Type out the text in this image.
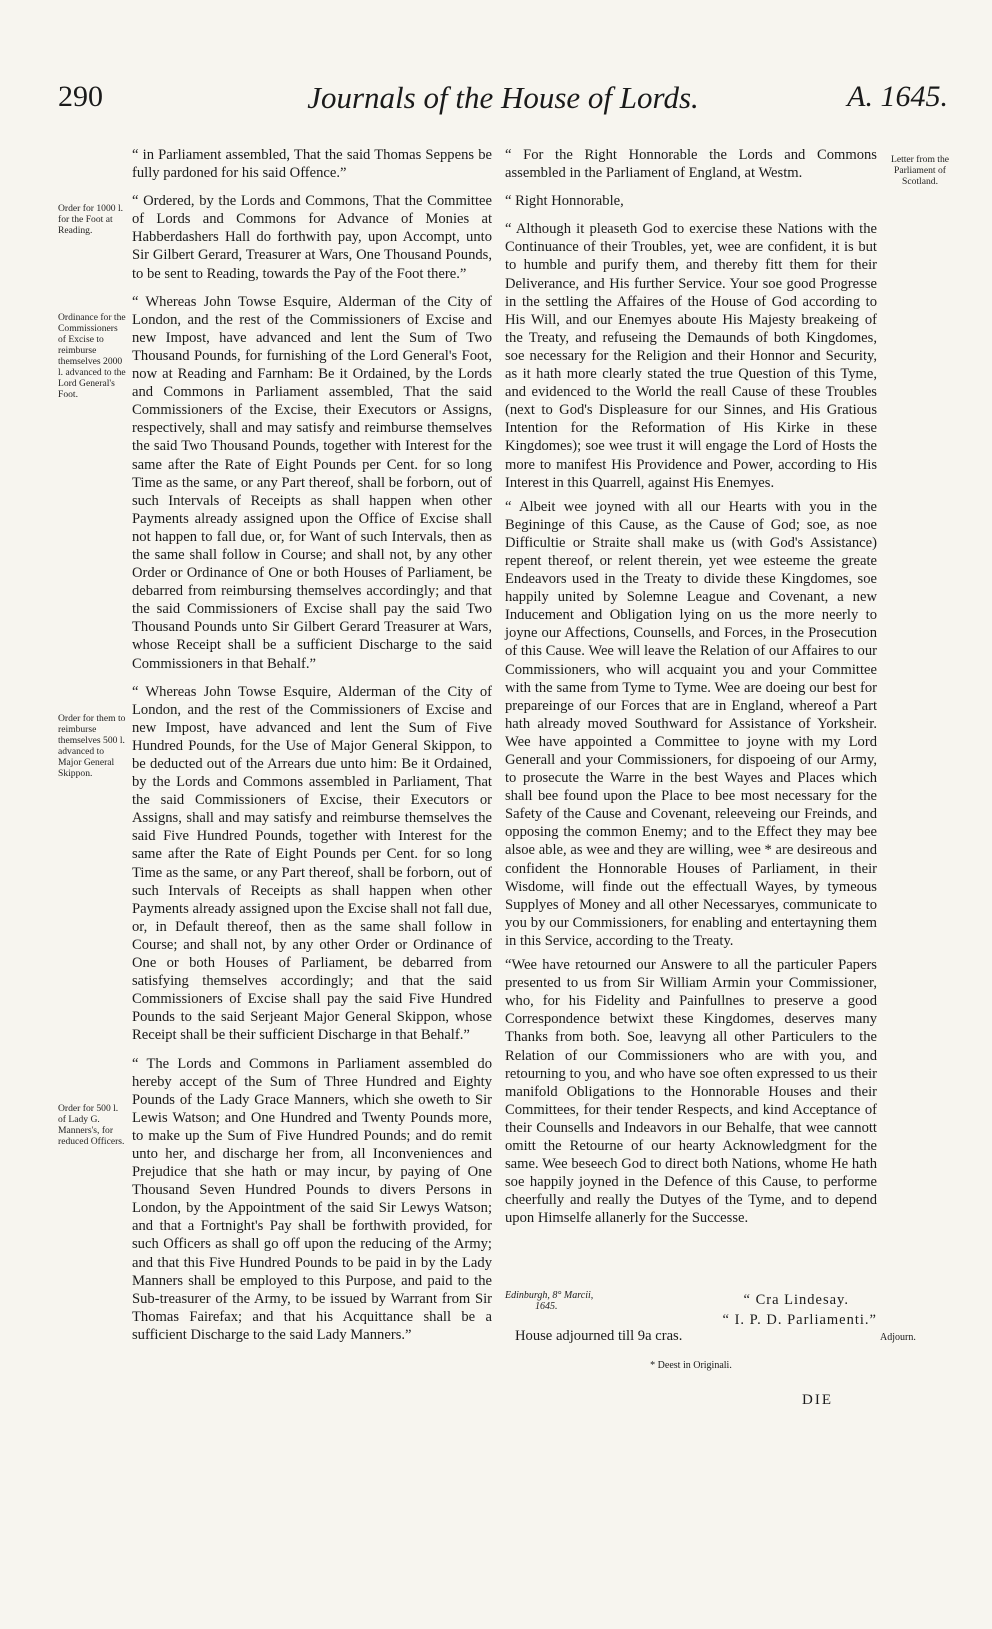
290	Journals of the House of Lords.	A. 1645.
Order for 1000 l. for the Foot at Reading.
Ordinance for the Commissioners of Excise to reimburse themselves 2000 l. advanced to the Lord General's Foot.
Order for them to reimburse themselves 500 l. advanced to Major General Skippon.
Order for 500 l. of Lady G. Manners's, for reduced Officers.
Letter from the Parliament of Scotland.

“ in Parliament assembled, That the said Thomas Seppens be fully pardoned for his said Offence.”

“ Ordered, by the Lords and Commons, That the Committee of Lords and Commons for Advance of Monies at Habberdashers Hall do forthwith pay, upon Accompt, unto Sir Gilbert Gerard, Treasurer at Wars, One Thousand Pounds, to be sent to Reading, towards the Pay of the Foot there.”

“ Whereas John Towse Esquire, Alderman of the City of London, and the rest of the Commissioners of Excise and new Impost, have advanced and lent the Sum of Two Thousand Pounds, for furnishing of the Lord General's Foot, now at Reading and Farnham: Be it Ordained, by the Lords and Commons in Parliament assembled, That the said Commissioners of the Excise, their Executors or Assigns, respectively, shall and may satisfy and reimburse themselves the said Two Thousand Pounds, together with Interest for the same after the Rate of Eight Pounds per Cent. for so long Time as the same, or any Part thereof, shall be forborn, out of such Intervals of Receipts as shall happen when other Payments already assigned upon the Office of Excise shall not happen to fall due, or, for Want of such Intervals, then as the same shall follow in Course; and shall not, by any other Order or Ordinance of One or both Houses of Parliament, be debarred from reimbursing themselves accordingly; and that the said Commissioners of Excise shall pay the said Two Thousand Pounds unto Sir Gilbert Gerard Treasurer at Wars, whose Receipt shall be a sufficient Discharge to the said Commissioners in that Behalf.”

“ Whereas John Towse Esquire, Alderman of the City of London, and the rest of the Commissioners of Excise and new Impost, have advanced and lent the Sum of Five Hundred Pounds, for the Use of Major General Skippon, to be deducted out of the Arrears due unto him: Be it Ordained, by the Lords and Commons assembled in Parliament, That the said Commissioners of Excise, their Executors or Assigns, shall and may satisfy and reimburse themselves the said Five Hundred Pounds, together with Interest for the same after the Rate of Eight Pounds per Cent. for so long Time as the same, or any Part thereof, shall be forborn, out of such Intervals of Receipts as shall happen when other Payments already assigned upon the Excise shall not fall due, or, in Default thereof, then as the same shall follow in Course; and shall not, by any other Order or Ordinance of One or both Houses of Parliament, be debarred from satisfying themselves accordingly; and that the said Commissioners of Excise shall pay the said Five Hundred Pounds to the said Serjeant Major General Skippon, whose Receipt shall be their sufficient Discharge in that Behalf.”

“ The Lords and Commons in Parliament assembled do hereby accept of the Sum of Three Hundred and Eighty Pounds of the Lady Grace Manners, which she oweth to Sir Lewis Watson; and One Hundred and Twenty Pounds more, to make up the Sum of Five Hundred Pounds; and do remit unto her, and discharge her from, all Inconveniences and Prejudice that she hath or may incur, by paying of One Thousand Seven Hundred Pounds to divers Persons in London, by the Appointment of the said Sir Lewys Watson; and that a Fortnight's Pay shall be forthwith provided, for such Officers as shall go off upon the reducing of the Army; and that this Five Hundred Pounds to be paid in by the Lady Manners shall be employed to this Purpose, and paid to the Sub-treasurer of the Army, to be issued by Warrant from Sir Thomas Fairefax; and that his Acquittance shall be a sufficient Discharge to the said Lady Manners.”

“ For the Right Honnorable the Lords and Commons assembled in the Parliament of England, at Westm.

“ Right Honnorable,

“ Although it pleaseth God to exercise these Nations with the Continuance of their Troubles, yet, wee are confident, it is but to humble and purify them, and thereby fitt them for their Deliverance, and His further Service. Your soe good Progresse in the settling the Affaires of the House of God according to His Will, and our Enemyes aboute His Majesty breakeing of the Treaty, and refuseing the Demaunds of both Kingdomes, soe necessary for the Religion and their Honnor and Security, as it hath more clearly stated the true Question of this Tyme, and evidenced to the World the reall Cause of these Troubles (next to God's Displeasure for our Sinnes, and His Gratious Intention for the Reformation of His Kirke in these Kingdomes); soe wee trust it will engage the Lord of Hosts the more to manifest His Providence and Power, according to His Interest in this Quarrell, against His Enemyes.

“ Albeit wee joyned with all our Hearts with you in the Begininge of this Cause, as the Cause of God; soe, as noe Difficultie or Straite shall make us (with God's Assistance) repent thereof, or relent therein, yet wee esteeme the greate Endeavors used in the Treaty to divide these Kingdomes, soe happily united by Solemne League and Covenant, a new Inducement and Obligation lying on us the more neerly to joyne our Affections, Counsells, and Forces, in the Prosecution of this Cause. Wee will leave the Relation of our Affaires to our Commissioners, who will acquaint you and your Committee with the same from Tyme to Tyme. Wee are doeing our best for prepareinge of our Forces that are in England, whereof a Part hath already moved Southward for Assistance of Yorksheir. Wee have appointed a Committee to joyne with my Lord Generall and your Commissioners, for dispoeing of our Army, to prosecute the Warre in the best Wayes and Places which shall bee found upon the Place to bee most necessary for the Safety of the Cause and Covenant, releeveing our Freinds, and opposing the common Enemy; and to the Effect they may bee alsoe able, as wee and they are willing, wee * are desireous and confident the Honnorable Houses of Parliament, in their Wisdome, will finde out the effectuall Wayes, by tymeous Supplyes of Money and all other Necessaryes, communicate to you by our Commissioners, for enabling and entertayning them in this Service, according to the Treaty.

“Wee have retourned our Answere to all the particuler Papers presented to us from Sir William Armin your Commissioner, who, for his Fidelity and Painfullnes to preserve a good Correspondence betwixt these Kingdomes, deserves many Thanks from both. Soe, leavyng all other Particulers to the Relation of our Commissioners who are with you, and retourning to you, and who have soe often expressed to us their manifold Obligations to the Honnorable Houses and their Committees, for their tender Respects, and kind Acceptance of their Counsells and Indeavors in our Behalfe, that wee cannott omitt the Retourne of our hearty Acknowledgment for the same. Wee beseech God to direct both Nations, whome He hath soe happily joyned in the Defence of this Cause, to performe cheerfully and really the Dutyes of the Tyme, and to depend upon Himselfe allanerly for the Successe.

Edinburgh, 8° Marcii,
1645.	“ Cra Lindesay.
“ I. P. D. Parliamenti.”
House adjourned till 9a cras.	Adjourn.
* Deest in Originali.
DIE
